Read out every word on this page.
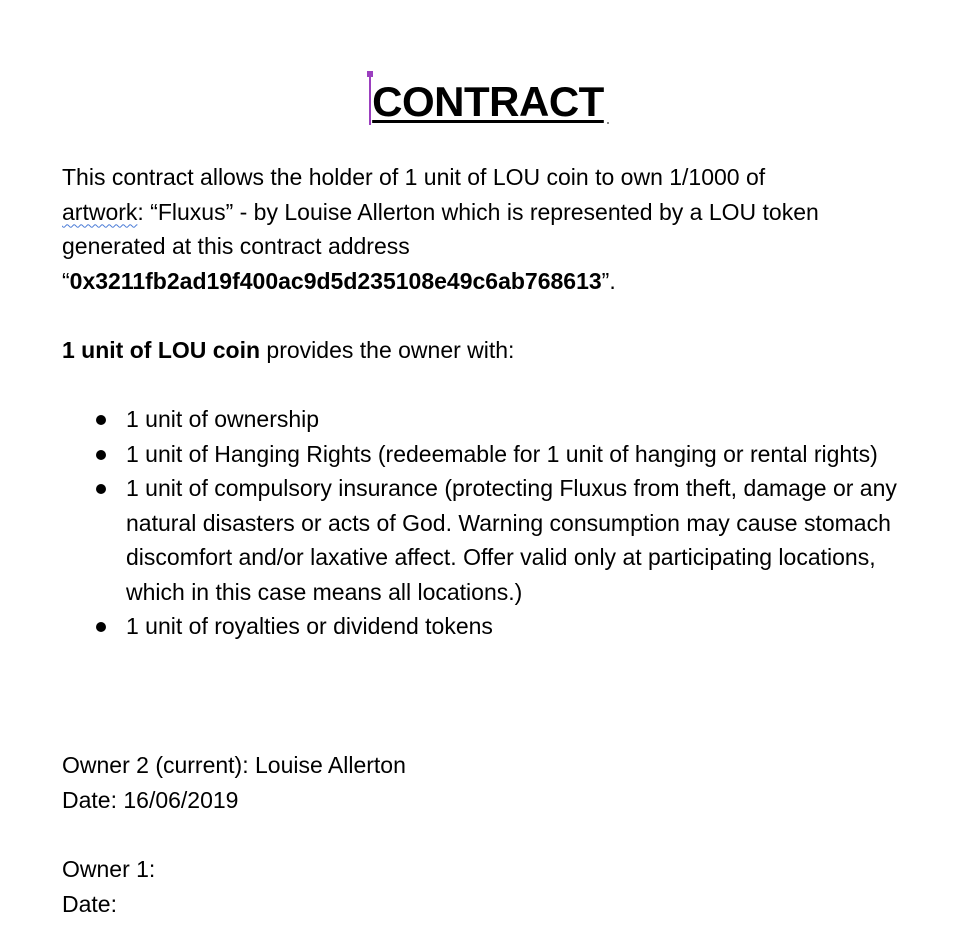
CONTRACT
This contract allows the holder of 1 unit of LOU coin to own 1/1000 of
artwork: “Fluxus” - by Louise Allerton which is represented by a LOU token
generated at this contract address
“0x3211fb2ad19f400ac9d5d235108e49c6ab768613”.
1 unit of LOU coin provides the owner with:
1 unit of ownership
1 unit of Hanging Rights (redeemable for 1 unit of hanging or rental rights)
1 unit of compulsory insurance (protecting Fluxus from theft, damage or any natural disasters or acts of God. Warning consumption may cause stomach discomfort and/or laxative affect. Offer valid only at participating locations, which in this case means all locations.)
1 unit of royalties or dividend tokens
Owner 2 (current): Louise Allerton
Date: 16/06/2019
Owner 1:
Date:
